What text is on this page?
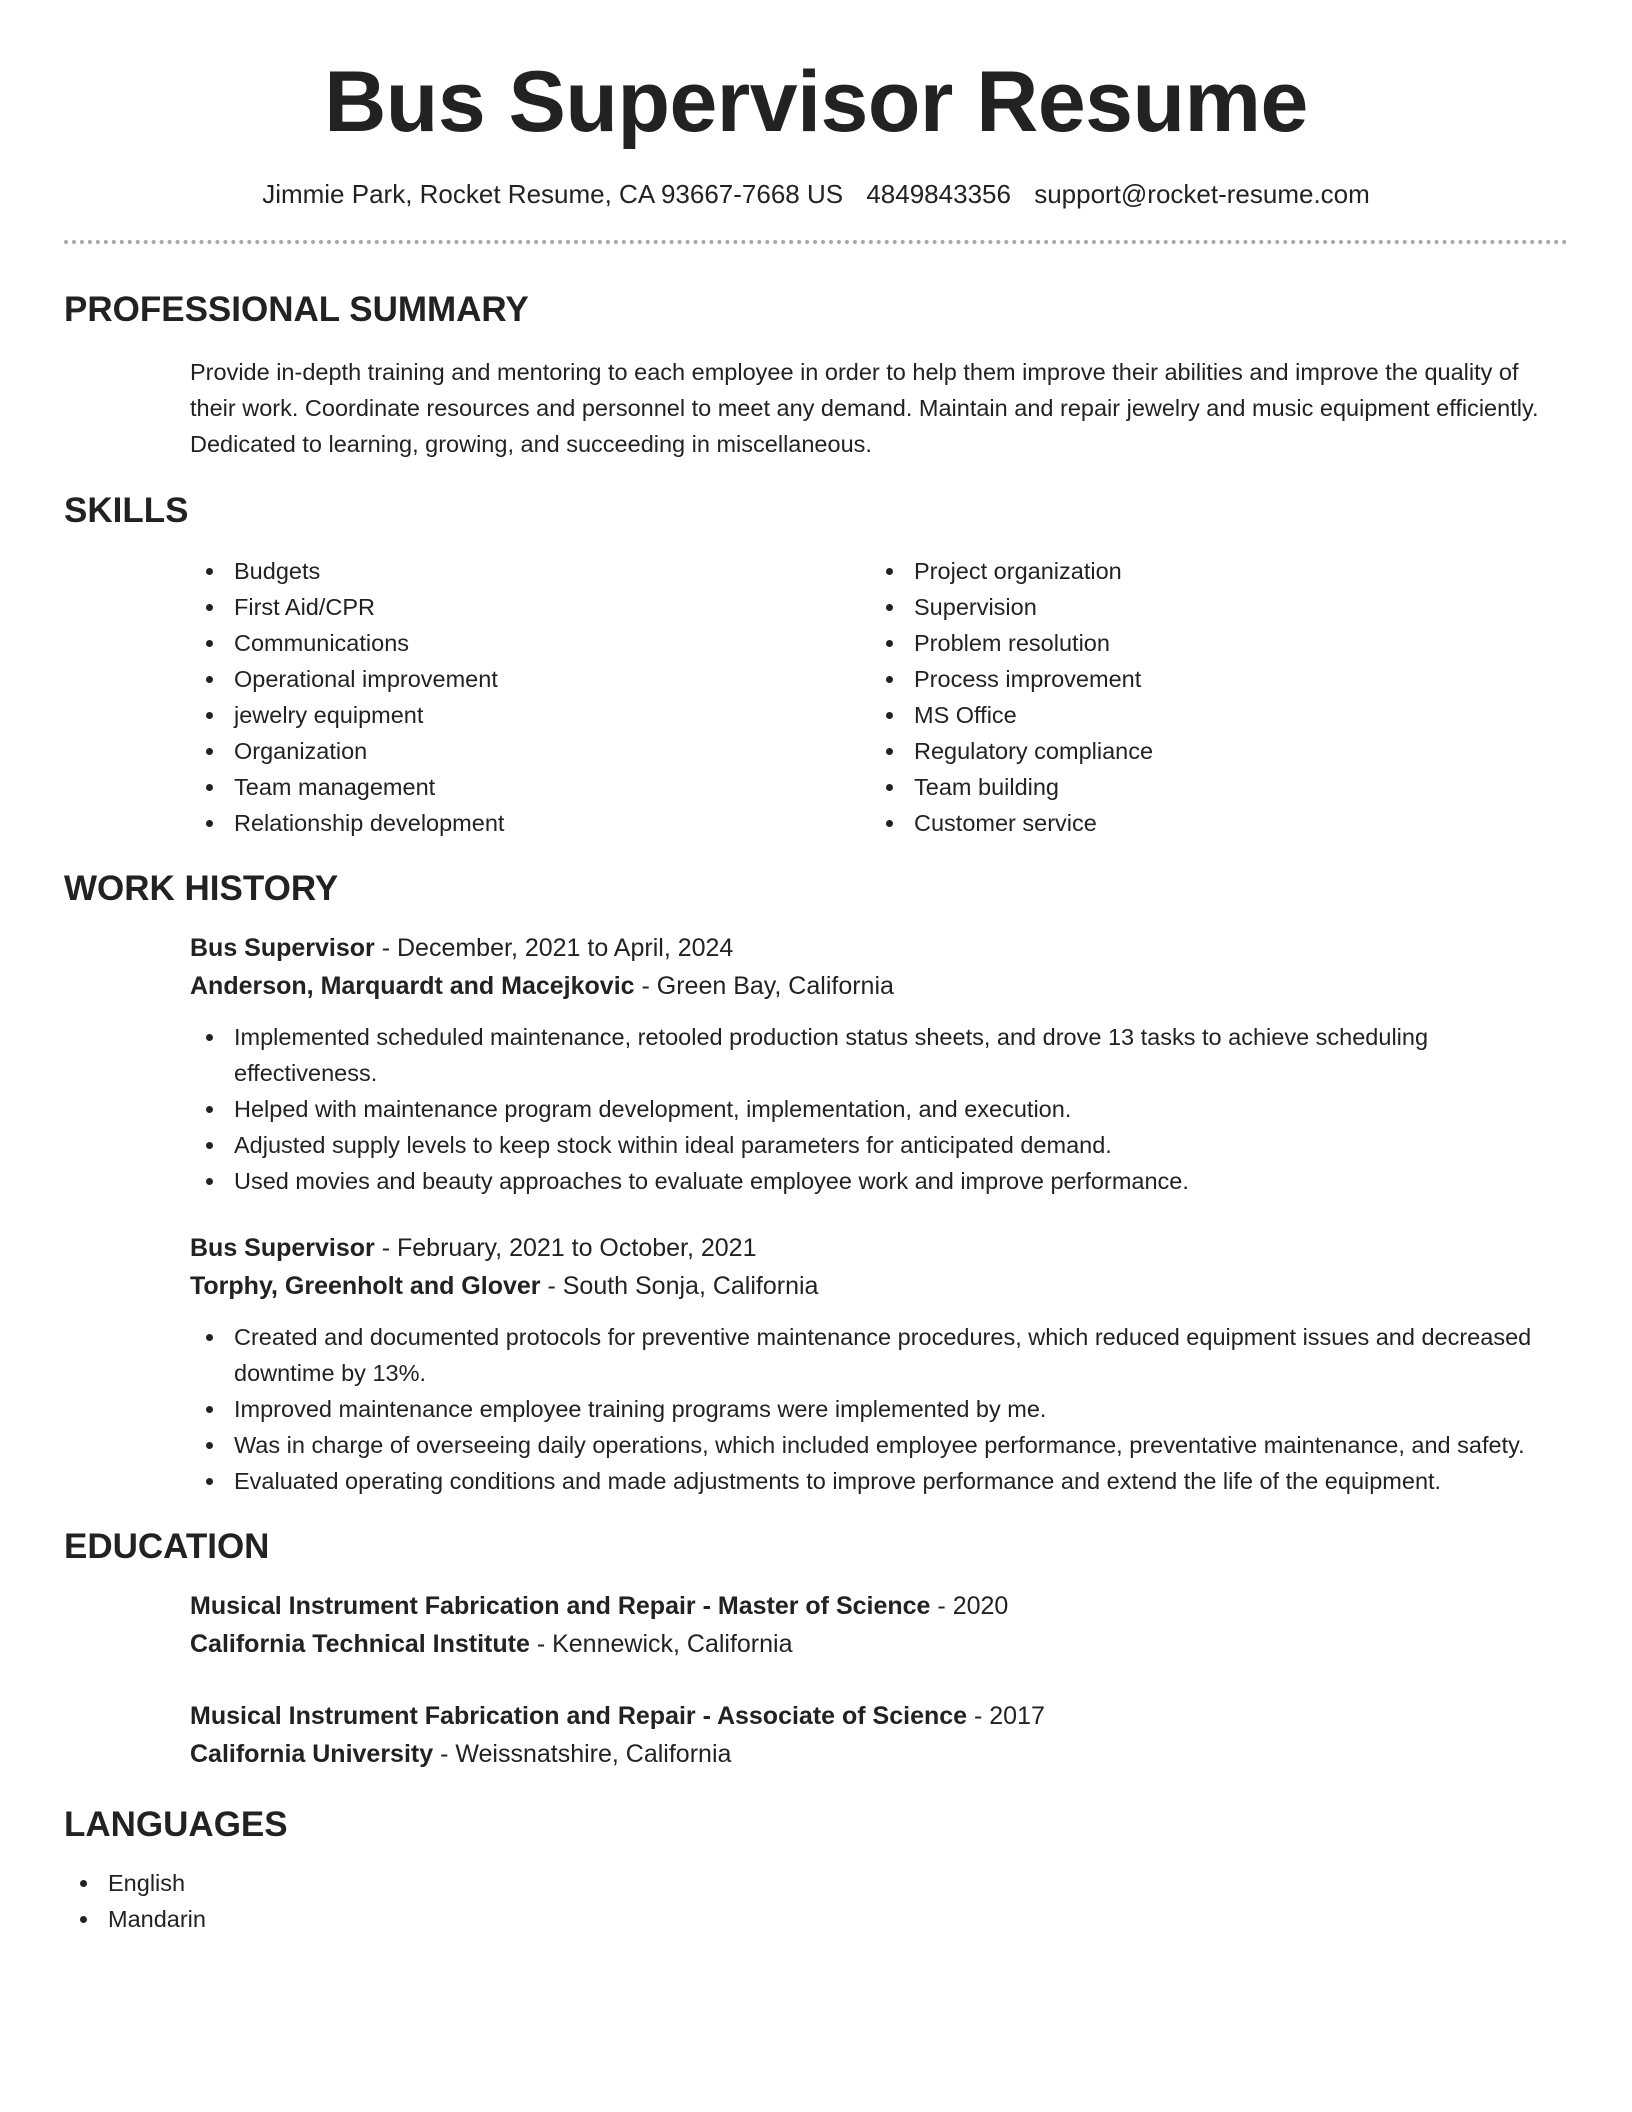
Bus Supervisor Resume
Jimmie Park, Rocket Resume, CA 93667-7668 US 4849843356 support@rocket-resume.com
PROFESSIONAL SUMMARY
Provide in-depth training and mentoring to each employee in order to help them improve their abilities and improve the quality of their work. Coordinate resources and personnel to meet any demand. Maintain and repair jewelry and music equipment efficiently. Dedicated to learning, growing, and succeeding in miscellaneous.
SKILLS
Budgets
First Aid/CPR
Communications
Operational improvement
jewelry equipment
Organization
Team management
Relationship development
Project organization
Supervision
Problem resolution
Process improvement
MS Office
Regulatory compliance
Team building
Customer service
WORK HISTORY
Bus Supervisor - December, 2021 to April, 2024
Anderson, Marquardt and Macejkovic - Green Bay, California
Implemented scheduled maintenance, retooled production status sheets, and drove 13 tasks to achieve scheduling effectiveness.
Helped with maintenance program development, implementation, and execution.
Adjusted supply levels to keep stock within ideal parameters for anticipated demand.
Used movies and beauty approaches to evaluate employee work and improve performance.
Bus Supervisor - February, 2021 to October, 2021
Torphy, Greenholt and Glover - South Sonja, California
Created and documented protocols for preventive maintenance procedures, which reduced equipment issues and decreased downtime by 13%.
Improved maintenance employee training programs were implemented by me.
Was in charge of overseeing daily operations, which included employee performance, preventative maintenance, and safety.
Evaluated operating conditions and made adjustments to improve performance and extend the life of the equipment.
EDUCATION
Musical Instrument Fabrication and Repair - Master of Science - 2020
California Technical Institute - Kennewick, California
Musical Instrument Fabrication and Repair - Associate of Science - 2017
California University - Weissnatshire, California
LANGUAGES
English
Mandarin
